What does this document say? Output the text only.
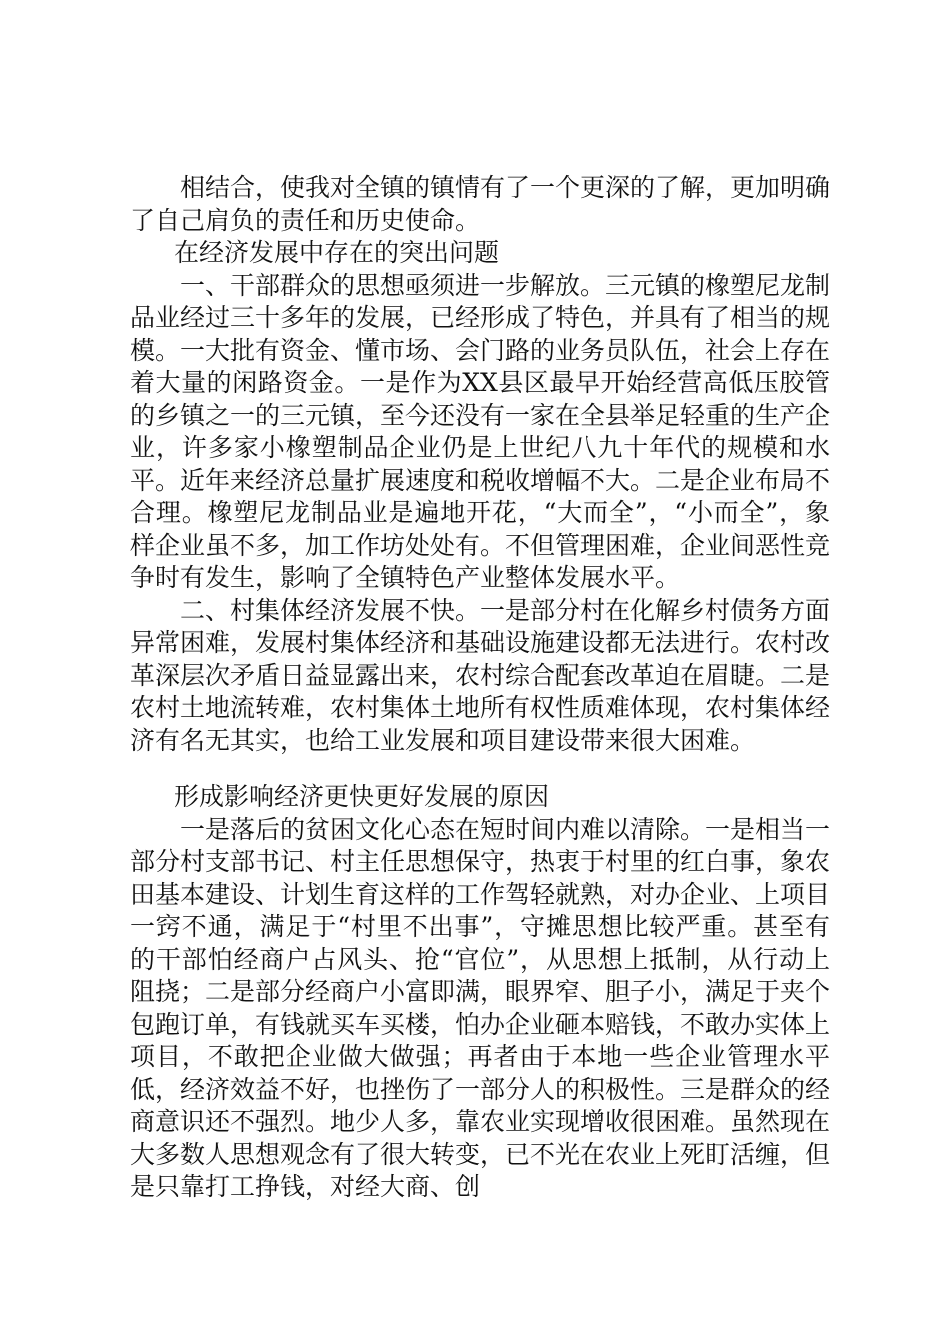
相结合，使我对全镇的镇情有了一个更深的了解，更加明确了自己肩负的责任和历史使命。

在经济发展中存在的突出问题

一、干部群众的思想亟须进一步解放。三元镇的橡塑尼龙制品业经过三十多年的发展，已经形成了特色，并具有了相当的规模。一大批有资金、懂市场、会门路的业务员队伍，社会上存在着大量的闲路资金。一是作为XX县区最早开始经营高低压胶管的乡镇之一的三元镇，至今还没有一家在全县举足轻重的生产企业，许多家小橡塑制品企业仍是上世纪八九十年代的规模和水平。近年来经济总量扩展速度和税收增幅不大。二是企业布局不合理。橡塑尼龙制品业是遍地开花，“大而全”，“小而全”，象样企业虽不多，加工作坊处处有。不但管理困难，企业间恶性竞争时有发生，影响了全镇特色产业整体发展水平。

二、村集体经济发展不快。一是部分村在化解乡村债务方面异常困难，发展村集体经济和基础设施建设都无法进行。农村改革深层次矛盾日益显露出来，农村综合配套改革迫在眉睫。二是农村土地流转难，农村集体土地所有权性质难体现，农村集体经济有名无其实，也给工业发展和项目建设带来很大困难。

形成影响经济更快更好发展的原因

一是落后的贫困文化心态在短时间内难以清除。一是相当一部分村支部书记、村主任思想保守，热衷于村里的红白事，象农田基本建设、计划生育这样的工作驾轻就熟，对办企业、上项目一窍不通，满足于“村里不出事”，守摊思想比较严重。甚至有的干部怕经商户占风头、抢“官位”，从思想上抵制，从行动上阻挠；二是部分经商户小富即满，眼界窄、胆子小，满足于夹个包跑订单，有钱就买车买楼，怕办企业砸本赔钱，不敢办实体上项目，不敢把企业做大做强；再者由于本地一些企业管理水平低，经济效益不好，也挫伤了一部分人的积极性。三是群众的经商意识还不强烈。地少人多，靠农业实现增收很困难。虽然现在大多数人思想观念有了很大转变，已不光在农业上死盯活缠，但是只靠打工挣钱，对经大商、创
